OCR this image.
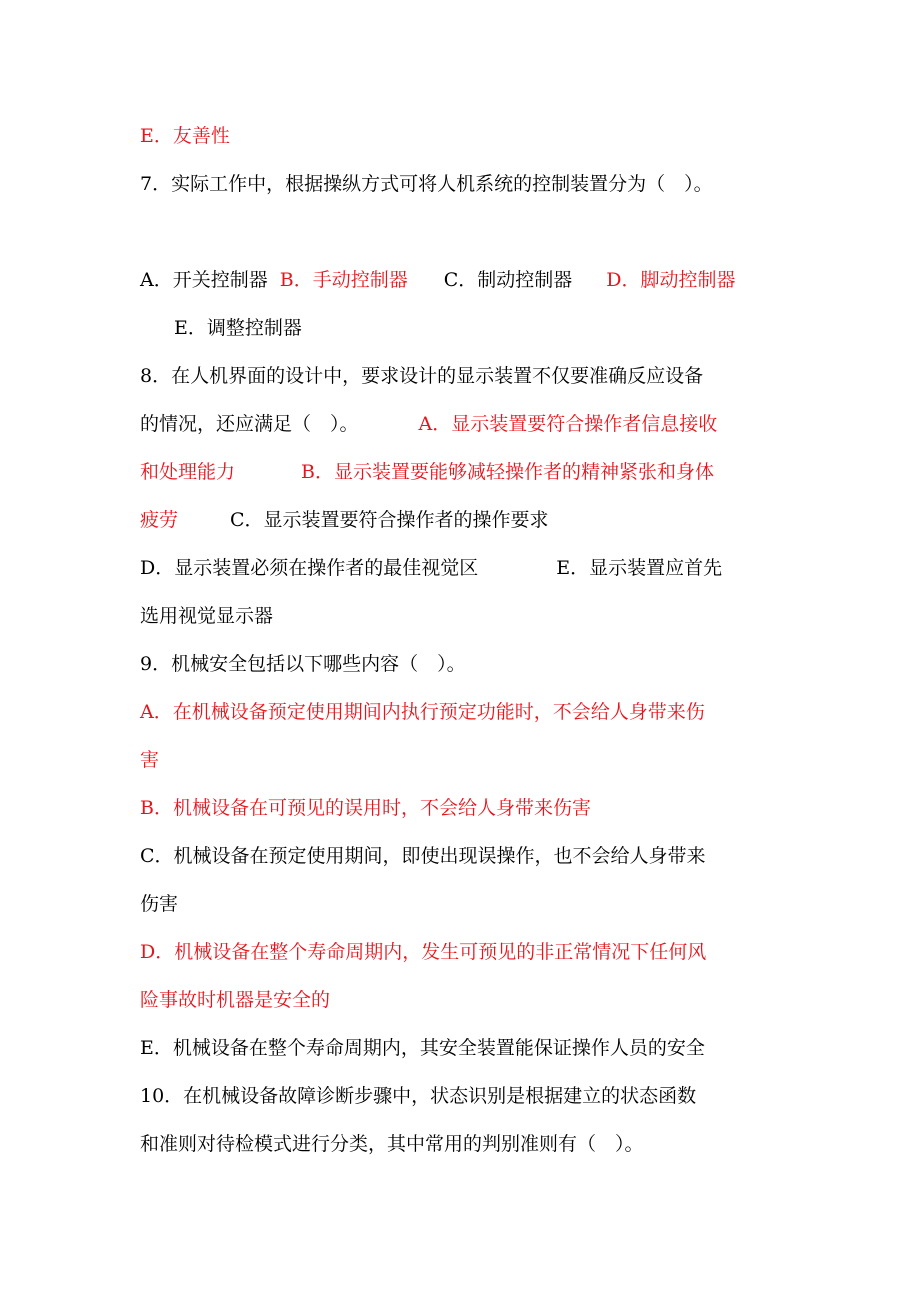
E．友善性
7．实际工作中，根据操纵方式可将人机系统的控制装置分为（　）。
A．开关控制器 B．手动控制器 C．制动控制器 D．脚动控制器
E．调整控制器
8．在人机界面的设计中，要求设计的显示装置不仅要准确反应设备
的情况，还应满足（　）。	A．显示装置要符合操作者信息接收
和处理能力	B．显示装置要能够减轻操作者的精神紧张和身体
疲劳	C．显示装置要符合操作者的操作要求
D．显示装置必须在操作者的最佳视觉区	E．显示装置应首先
选用视觉显示器
9．机械安全包括以下哪些内容（　）。
A．在机械设备预定使用期间内执行预定功能时，不会给人身带来伤
害
B．机械设备在可预见的误用时，不会给人身带来伤害
C．机械设备在预定使用期间，即使出现误操作，也不会给人身带来
伤害
D．机械设备在整个寿命周期内，发生可预见的非正常情况下任何风
险事故时机器是安全的
E．机械设备在整个寿命周期内，其安全装置能保证操作人员的安全
10．在机械设备故障诊断步骤中，状态识别是根据建立的状态函数
和准则对待检模式进行分类，其中常用的判别准则有（　）。
